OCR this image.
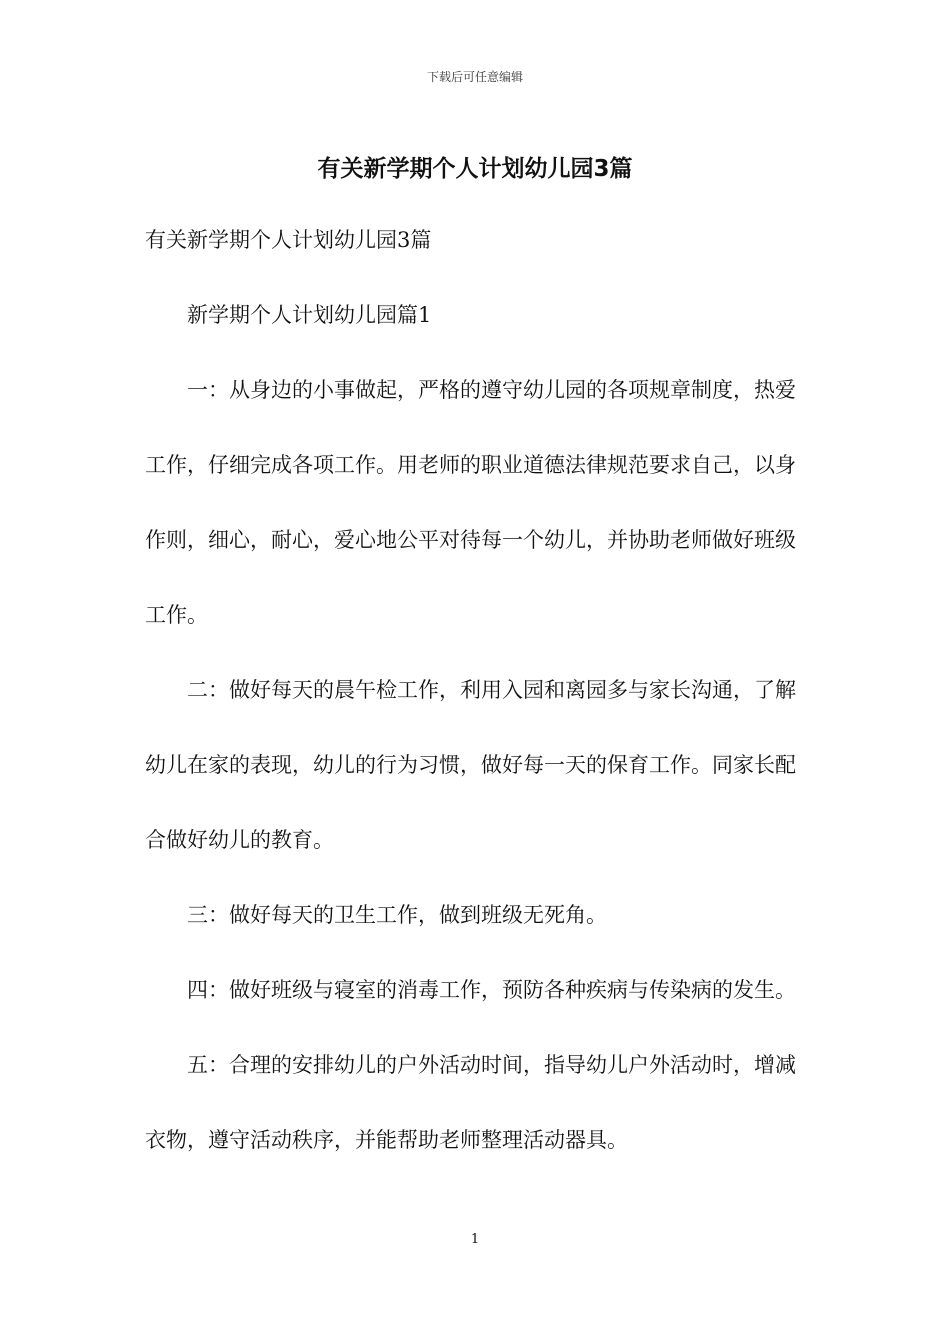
下载后可任意编辑
有关新学期个人计划幼儿园3篇

有关新学期个人计划幼儿园3篇

新学期个人计划幼儿园篇1

一：从身边的小事做起，严格的遵守幼儿园的各项规章制度，热爱工作，仔细完成各项工作。用老师的职业道德法律规范要求自己，以身作则，细心，耐心，爱心地公平对待每一个幼儿，并协助老师做好班级工作。

二：做好每天的晨午检工作，利用入园和离园多与家长沟通，了解幼儿在家的表现，幼儿的行为习惯，做好每一天的保育工作。同家长配合做好幼儿的教育。

三：做好每天的卫生工作，做到班级无死角。

四：做好班级与寝室的消毒工作，预防各种疾病与传染病的发生。

五：合理的安排幼儿的户外活动时间，指导幼儿户外活动时，增减衣物，遵守活动秩序，并能帮助老师整理活动器具。

1
